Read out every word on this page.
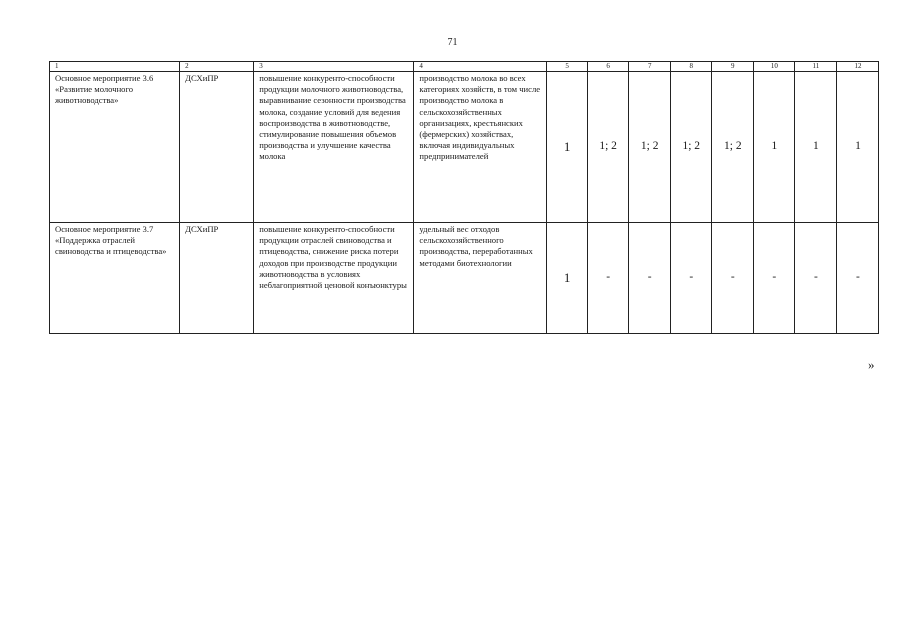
71
1	2	3	4	5	6	7	8	9	10	11	12
Основное мероприятие 3.6 «Развитие молочного животноводства»	ДСХиПР	повышение конкуренто-способности продукции молочного животноводства, выравнивание сезонности производства молока, создание условий для ведения воспроизводства в животноводстве, стимулирование повышения объемов производства и улучшение качества молока	производство молока во всех категориях хозяйств, в том числе производство молока в сельскохозяйственных организациях, крестьянских (фермерских) хозяйствах, включая индивидуальных предпринимателей	1	1; 2	1; 2	1; 2	1; 2	1	1	1
Основное мероприятие 3.7 «Поддержка отраслей свиноводства и птицеводства»	ДСХиПР	повышение конкуренто-способности продукции отраслей свиноводства и птицеводства, снижение риска потери доходов при производстве продукции животноводства в условиях неблагоприятной ценовой конъюнктуры	удельный вес отходов сельскохозяйственного производства, переработанных методами биотехнологии	1	-	-	-	-	-	-	-
»
